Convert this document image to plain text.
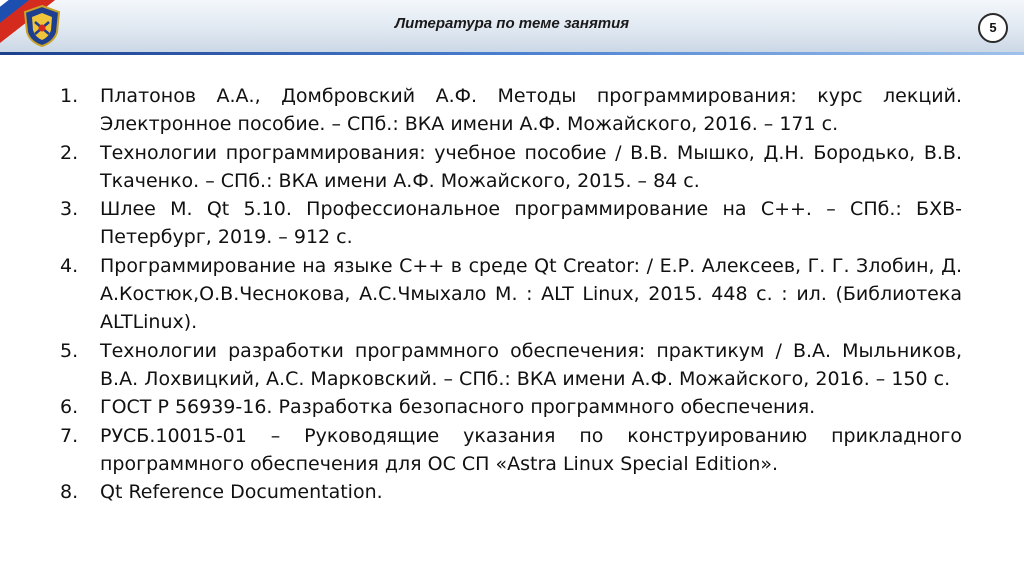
Литература по теме занятия	5
1. Платонов А.А., Домбровский А.Ф. Методы программирования: курс лекций. Электронное пособие. – СПб.: ВКА имени А.Ф. Можайского, 2016. – 171 с.
2. Технологии программирования: учебное пособие / В.В. Мышко, Д.Н. Бородько, В.В. Ткаченко. – СПб.: ВКА имени А.Ф. Можайского, 2015. – 84 с.
3. Шлее М. Qt 5.10. Профессиональное программирование на С++. – СПб.: БХВ-Петербург, 2019. – 912 с.
4. Программирование на языке C++ в среде Qt Creator: / Е.Р. Алексеев, Г. Г. Злобин, Д. А.Костюк,О.В.Чеснокова, А.С.Чмыхало М. : ALT Linux, 2015. 448 с. : ил. (Библиотека ALTLinux).
5. Технологии разработки программного обеспечения: практикум / В.А. Мыльников, В.А. Лохвицкий, А.С. Марковский. – СПб.: ВКА имени А.Ф. Можайского, 2016. – 150 с.
6. ГОСТ Р 56939-16. Разработка безопасного программного обеспечения.
7. РУСБ.10015-01 – Руководящие указания по конструированию прикладного программного обеспечения для ОС СП «Astra Linux Special Edition».
8. Qt Reference Documentation.
